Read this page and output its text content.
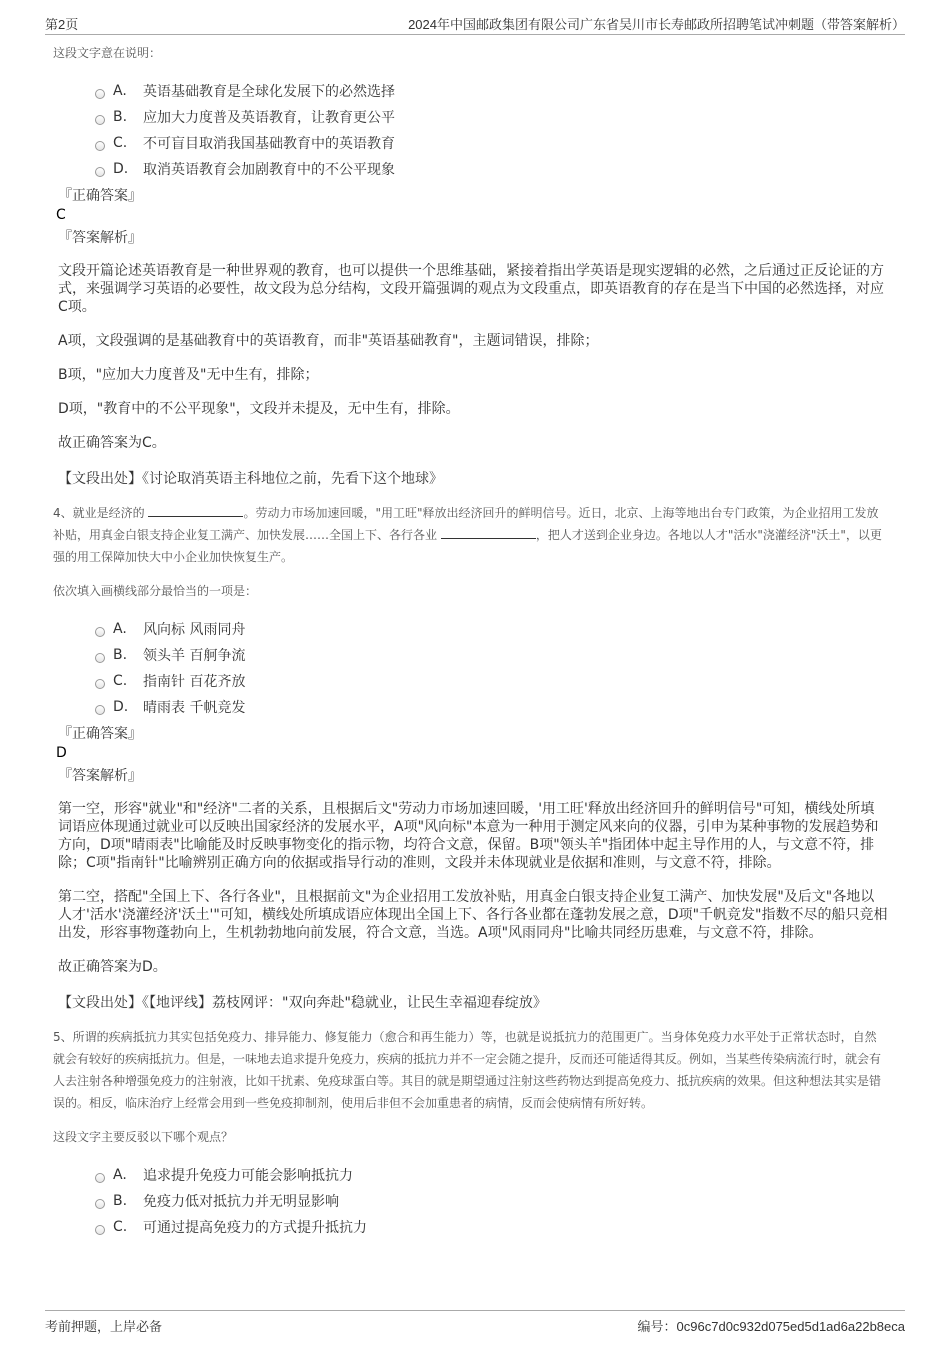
第2页	2024年中国邮政集团有限公司广东省吴川市长寿邮政所招聘笔试冲刺题（带答案解析）

这段文字意在说明：

A.	英语基础教育是全球化发展下的必然选择
B.	应加大力度普及英语教育，让教育更公平
C.	不可盲目取消我国基础教育中的英语教育
D.	取消英语教育会加剧教育中的不公平现象

『正确答案』

C

『答案解析』

文段开篇论述英语教育是一种世界观的教育，也可以提供一个思维基础，紧接着指出学英语是现实逻辑的必然，之后通过正反论证的方式，来强调学习英语的必要性，故文段为总分结构，文段开篇强调的观点为文段重点，即英语教育的存在是当下中国的必然选择，对应C项。

A项，文段强调的是基础教育中的英语教育，而非"英语基础教育"，主题词错误，排除；

B项，"应加大力度普及"无中生有，排除；

D项，"教育中的不公平现象"，文段并未提及，无中生有，排除。

故正确答案为C。

【文段出处】《讨论取消英语主科地位之前，先看下这个地球》

4、就业是经济的	。劳动力市场加速回暖，"用工旺"释放出经济回升的鲜明信号。近日，北京、上海等地出台专门政策，为企业招用工发放补贴，用真金白银支持企业复工满产、加快发展……全国上下、各行各业	，把人才送到企业身边。各地以人才"活水"浇灌经济"沃土"，以更强的用工保障加快大中小企业加快恢复生产。

依次填入画横线部分最恰当的一项是：

A.	风向标 风雨同舟
B.	领头羊 百舸争流
C.	指南针 百花齐放
D.	晴雨表 千帆竞发

『正确答案』

D

『答案解析』

第一空，形容"就业"和"经济"二者的关系，且根据后文"劳动力市场加速回暖，'用工旺'释放出经济回升的鲜明信号"可知，横线处所填词语应体现通过就业可以反映出国家经济的发展水平，A项"风向标"本意为一种用于测定风来向的仪器，引申为某种事物的发展趋势和方向，D项"晴雨表"比喻能及时反映事物变化的指示物，均符合文意，保留。B项"领头羊"指团体中起主导作用的人，与文意不符，排除；C项"指南针"比喻辨别正确方向的依据或指导行动的准则，文段并未体现就业是依据和准则，与文意不符，排除。

第二空，搭配"全国上下、各行各业"，且根据前文"为企业招用工发放补贴，用真金白银支持企业复工满产、加快发展"及后文"各地以人才'活水'浇灌经济'沃土'"可知，横线处所填成语应体现出全国上下、各行各业都在蓬勃发展之意，D项"千帆竞发"指数不尽的船只竞相出发，形容事物蓬勃向上，生机勃勃地向前发展，符合文意，当选。A项"风雨同舟"比喻共同经历患难，与文意不符，排除。

故正确答案为D。

【文段出处】《【地评线】荔枝网评："双向奔赴"稳就业，让民生幸福迎春绽放》

5、所谓的疾病抵抗力其实包括免疫力、排异能力、修复能力（愈合和再生能力）等，也就是说抵抗力的范围更广。当身体免疫力水平处于正常状态时，自然就会有较好的疾病抵抗力。但是，一味地去追求提升免疫力，疾病的抵抗力并不一定会随之提升，反而还可能适得其反。例如，当某些传染病流行时，就会有人去注射各种增强免疫力的注射液，比如干扰素、免疫球蛋白等。其目的就是期望通过注射这些药物达到提高免疫力、抵抗疾病的效果。但这种想法其实是错误的。相反，临床治疗上经常会用到一些免疫抑制剂，使用后非但不会加重患者的病情，反而会使病情有所好转。

这段文字主要反驳以下哪个观点？

A.	追求提升免疫力可能会影响抵抗力
B.	免疫力低对抵抗力并无明显影响
C.	可通过提高免疫力的方式提升抵抗力
考前押题，上岸必备	编号：0c96c7d0c932d075ed5d1ad6a22b8eca
